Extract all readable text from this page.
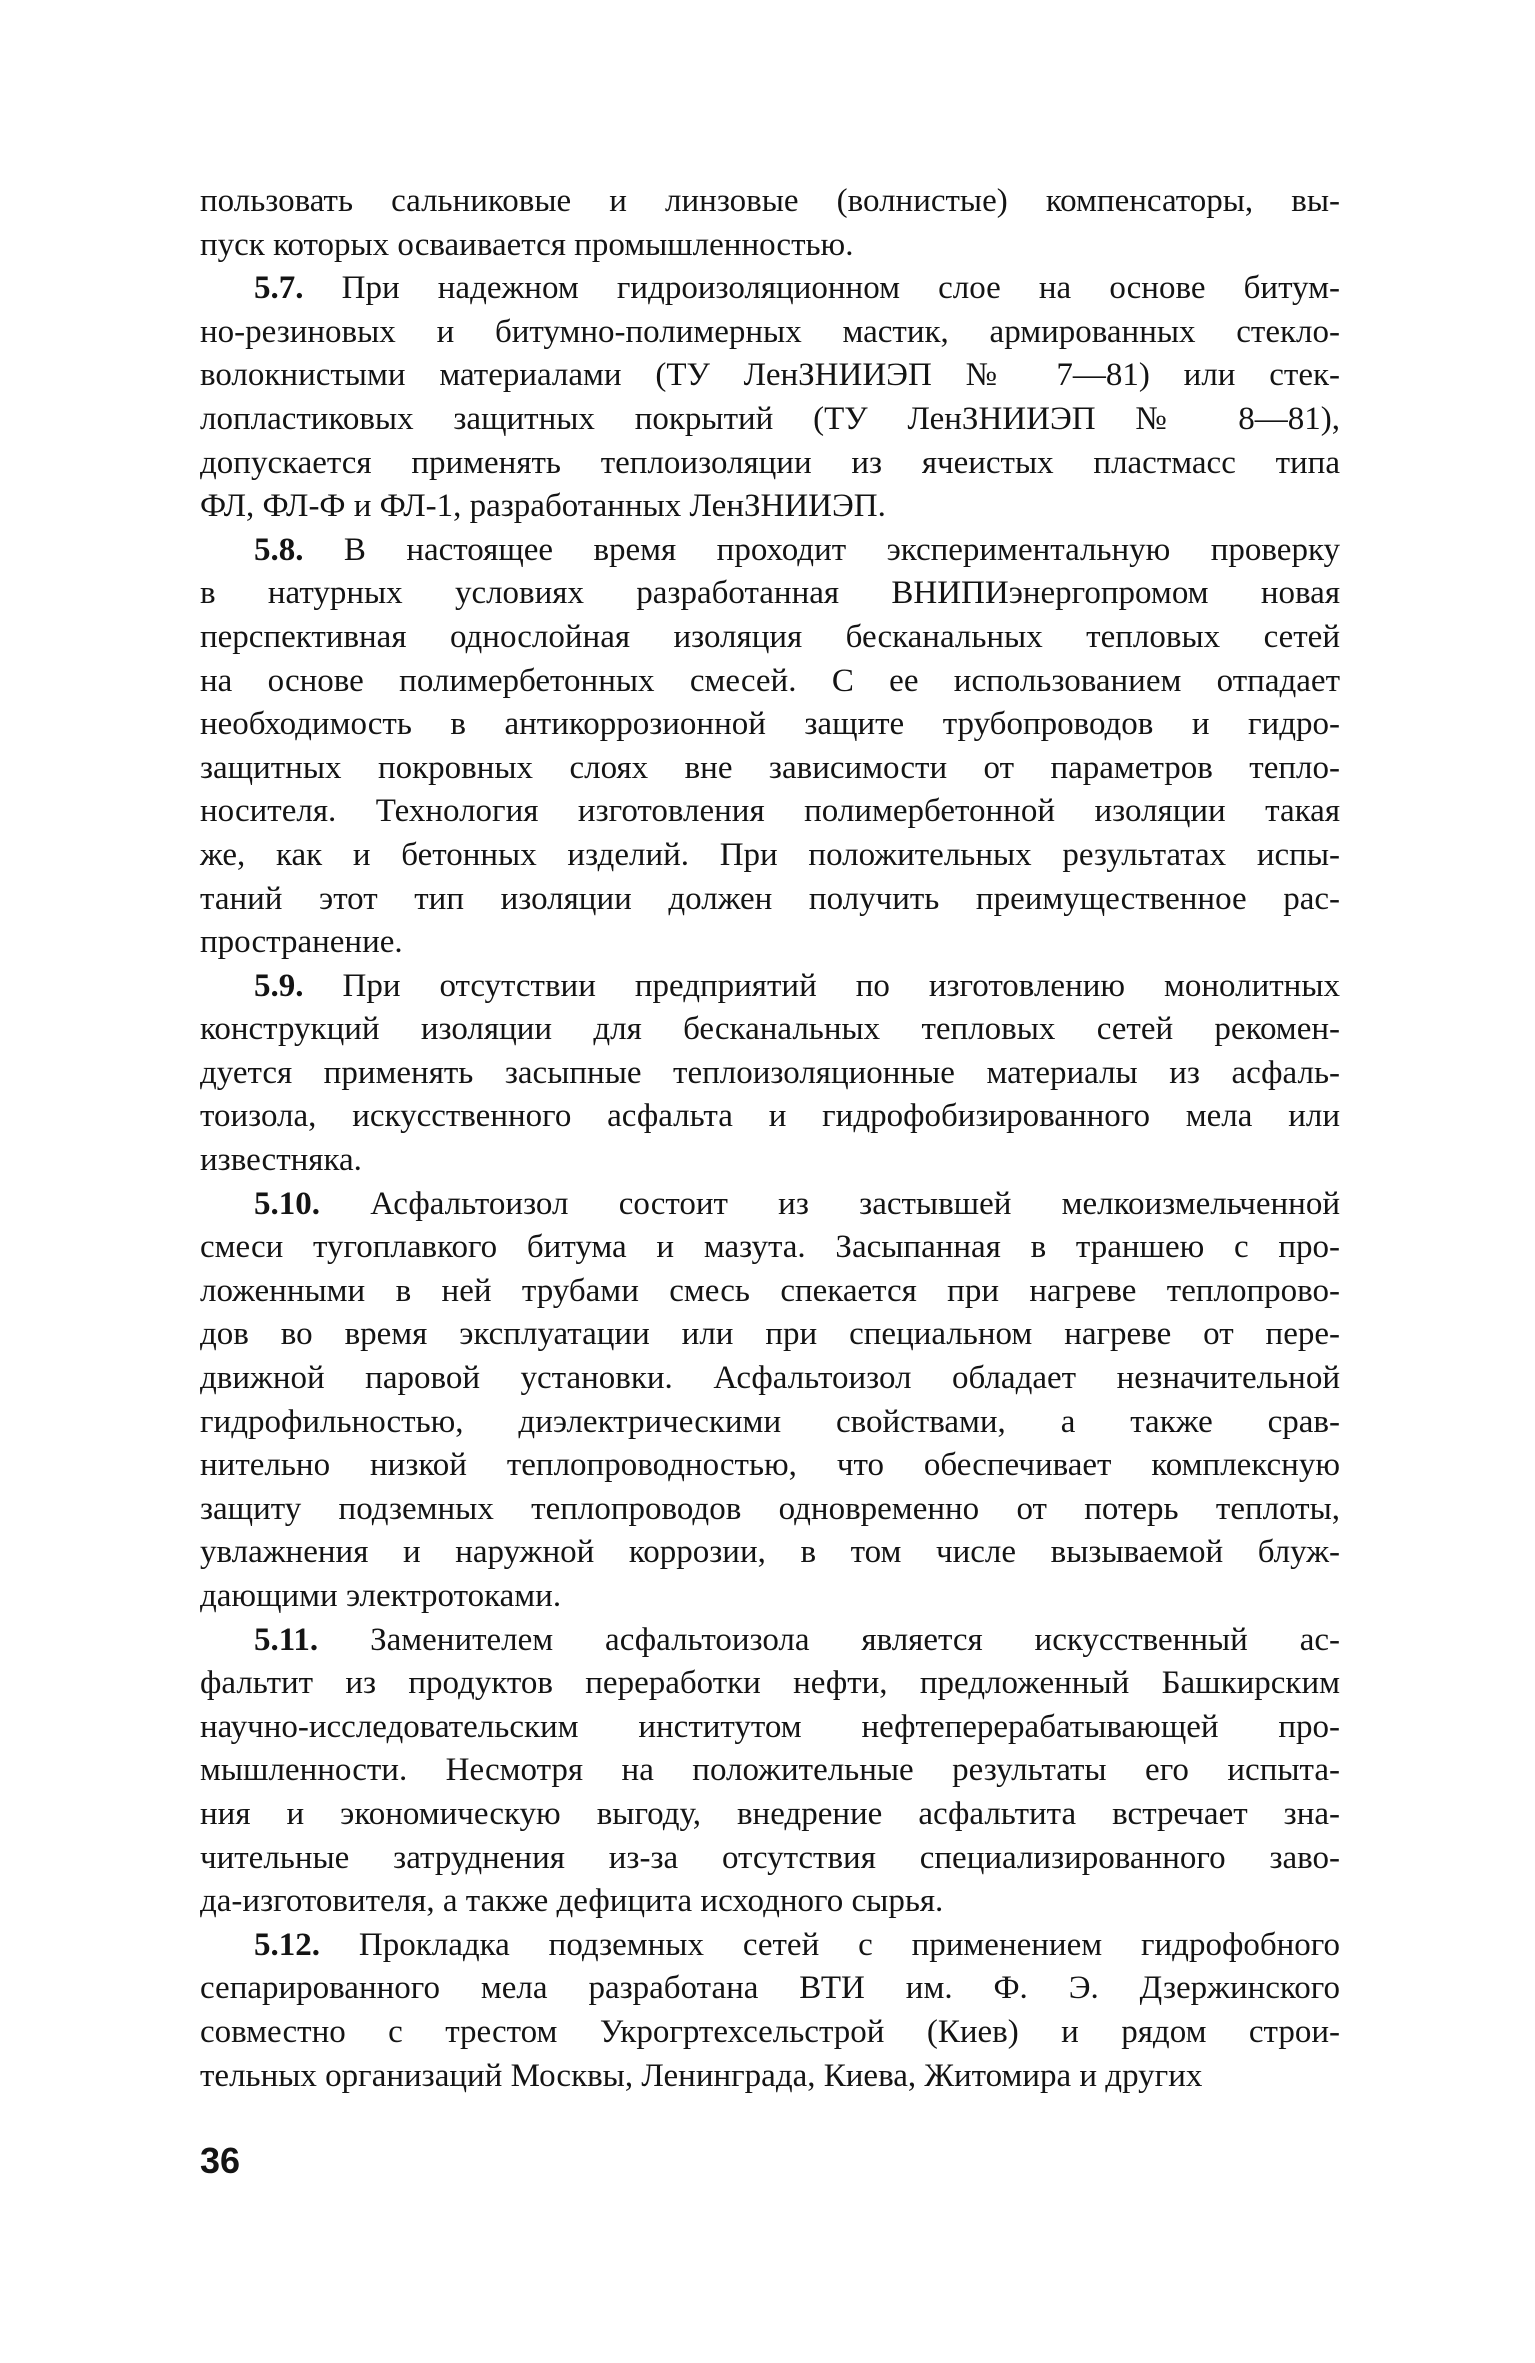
пользовать сальниковые и линзовые (волнистые) компенсаторы, вы-
пуск которых осваивается промышленностью.
5.7. При надежном гидроизоляционном слое на основе битум-
но-резиновых и битумно-полимерных мастик, армированных стекло-
волокнистыми материалами (ТУ ЛенЗНИИЭП № 7—81) или стек-
лопластиковых защитных покрытий (ТУ ЛенЗНИИЭП № 8—81),
допускается применять теплоизоляции из ячеистых пластмасс типа
ФЛ, ФЛ-Ф и ФЛ-1, разработанных ЛенЗНИИЭП.
5.8. В настоящее время проходит экспериментальную проверку
в натурных условиях разработанная ВНИПИэнергопромом новая
перспективная однослойная изоляция бесканальных тепловых сетей
на основе полимербетонных смесей. С ее использованием отпадает
необходимость в антикоррозионной защите трубопроводов и гидро-
защитных покровных слоях вне зависимости от параметров тепло-
носителя. Технология изготовления полимербетонной изоляции такая
же, как и бетонных изделий. При положительных результатах испы-
таний этот тип изоляции должен получить преимущественное рас-
пространение.
5.9. При отсутствии предприятий по изготовлению монолитных
конструкций изоляции для бесканальных тепловых сетей рекомен-
дуется применять засыпные теплоизоляционные материалы из асфаль-
тоизола, искусственного асфальта и гидрофобизированного мела или
известняка.
5.10. Асфальтоизол состоит из застывшей мелкоизмельченной
смеси тугоплавкого битума и мазута. Засыпанная в траншею с про-
ложенными в ней трубами смесь спекается при нагреве теплопрово-
дов во время эксплуатации или при специальном нагреве от пере-
движной паровой установки. Асфальтоизол обладает незначительной
гидрофильностью, диэлектрическими свойствами, а также срав-
нительно низкой теплопроводностью, что обеспечивает комплексную
защиту подземных теплопроводов одновременно от потерь теплоты,
увлажнения и наружной коррозии, в том числе вызываемой блуж-
дающими электротоками.
5.11. Заменителем асфальтоизола является искусственный ас-
фальтит из продуктов переработки нефти, предложенный Башкирским
научно-исследовательским институтом нефтеперерабатывающей про-
мышленности. Несмотря на положительные результаты его испыта-
ния и экономическую выгоду, внедрение асфальтита встречает зна-
чительные затруднения из-за отсутствия специализированного заво-
да-изготовителя, а также дефицита исходного сырья.
5.12. Прокладка подземных сетей с применением гидрофобного
сепарированного мела разработана ВТИ им. Ф. Э. Дзержинского
совместно с трестом Укрогртехсельстрой (Киев) и рядом строи-
тельных организаций Москвы, Ленинграда, Киева, Житомира и других
36
